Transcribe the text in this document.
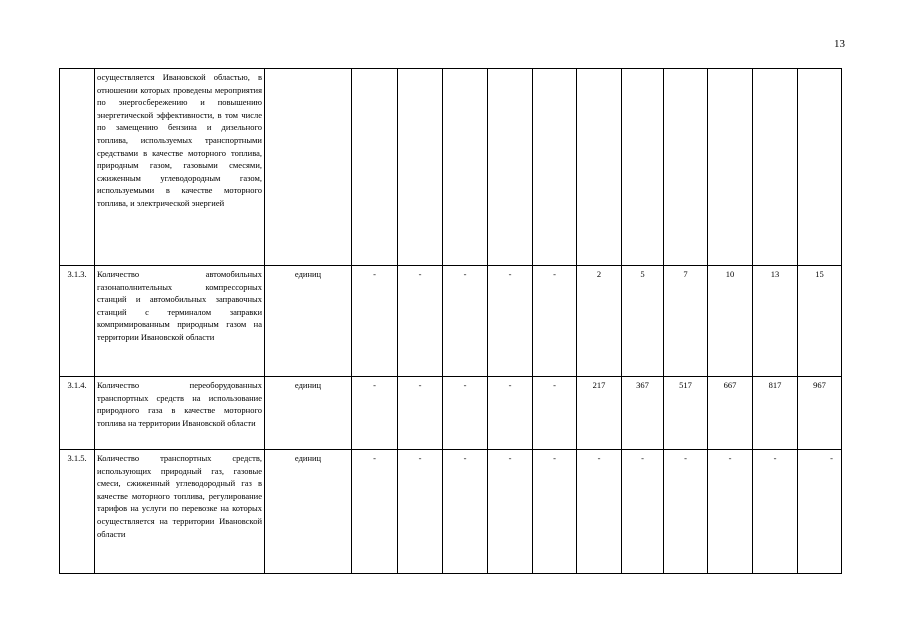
13
	осуществляется Ивановской областью, в отношении которых проведены мероприятия по энергосбережению и повышению энергетической эффективности, в том числе по замещению бензина и дизельного топлива, используемых транспортными средствами в качестве моторного топлива, природным газом, газовыми смесями, сжиженным углеводородным газом, используемыми в качестве моторного топлива, и электрической энергией												
3.1.3.	Количество автомобильных газонаполнительных компрессорных станций и автомобильных заправочных станций с терминалом заправки компримированным природным газом на территории Ивановской области	единиц	-	-	-	-	-	2	5	7	10	13	15
3.1.4.	Количество переоборудованных транспортных средств на использование природного газа в качестве моторного топлива на территории Ивановской области	единиц	-	-	-	-	-	217	367	517	667	817	967
3.1.5.	Количество транспортных средств, использующих природный газ, газовые смеси, сжиженный углеводородный газ в качестве моторного топлива, регулирование тарифов на услуги по перевозке на которых осуществляется на территории Ивановской области	единиц	-	-	-	-	-	-	-	-	-	-	-
